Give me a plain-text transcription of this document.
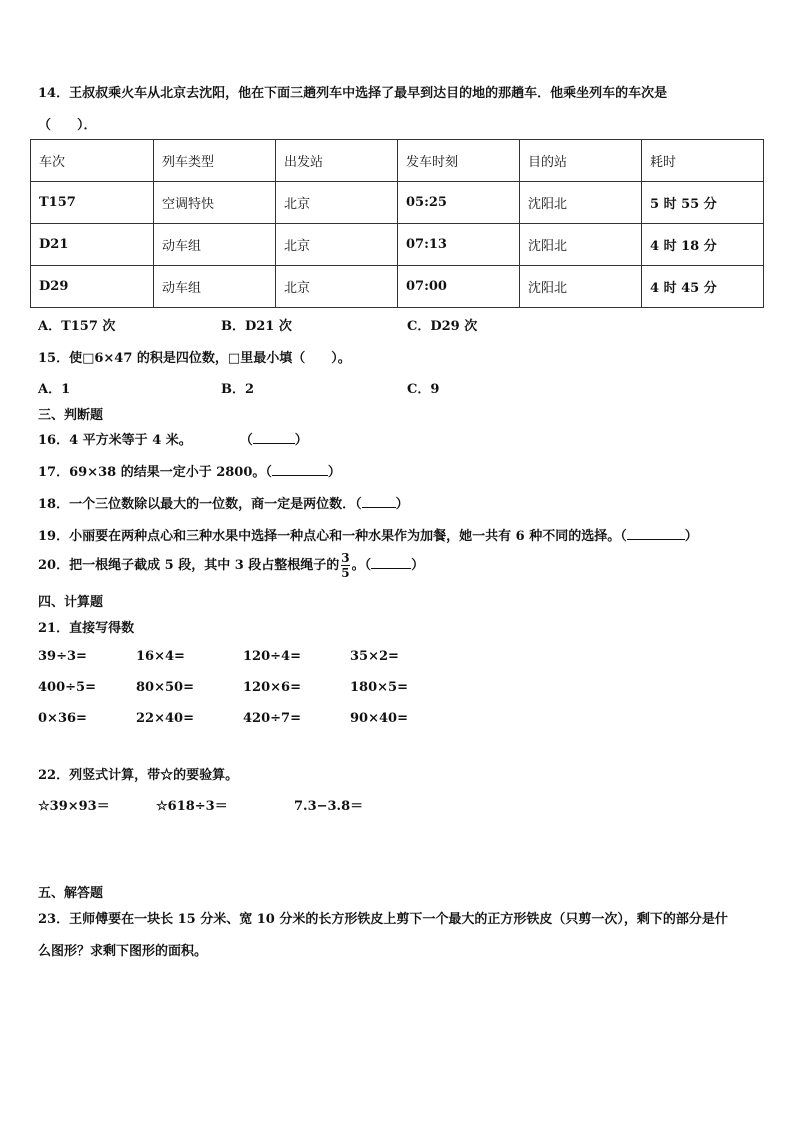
14．王叔叔乘火车从北京去沈阳，他在下面三趟列车中选择了最早到达目的地的那趟车．他乘坐列车的车次是
（　　）．
车次	列车类型	出发站	发车时刻	目的站	耗时
T157	空调特快	北京	05:25	沈阳北	5 时 55 分
D21	动车组	北京	07:13	沈阳北	4 时 18 分
D29	动车组	北京	07:00	沈阳北	4 时 45 分
A．T157 次	B．D21 次	C．D29 次
15．使□6×47 的积是四位数，□里最小填（　　）。
A．1	B．2	C．9
三、判断题
16．4 平方米等于 4 米。	（	）
17．69×38 的结果一定小于 2800。（	）
18．一个三位数除以最大的一位数，商一定是两位数．（	）
19．小丽要在两种点心和三种水果中选择一种点心和一种水果作为加餐，她一共有 6 种不同的选择。（	）
20．把一根绳子截成 5 段，其中 3 段占整根绳子的 $\frac{3}{5}$ 。（	）
四、计算题
21．直接写得数
39÷3=	16×4=	120÷4=	35×2=
400÷5=	80×50=	120×6=	180×5=
0×36=	22×40=	420÷7=	90×40=
22．列竖式计算，带☆的要验算。
☆39×93＝	☆618÷3＝	7.3−3.8＝
五、解答题
23．王师傅要在一块长 15 分米、宽 10 分米的长方形铁皮上剪下一个最大的正方形铁皮（只剪一次），剩下的部分是什
么图形？求剩下图形的面积。
